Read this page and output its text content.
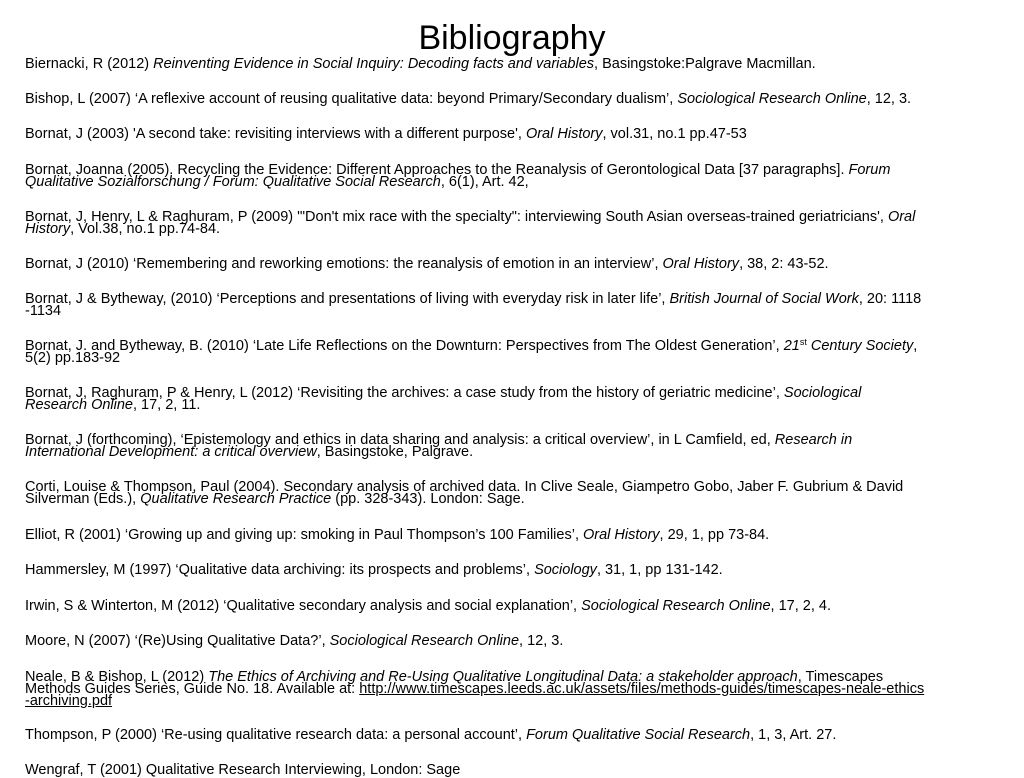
Bibliography
Biernacki, R (2012) Reinventing Evidence in Social Inquiry: Decoding facts and variables, Basingstoke:Palgrave Macmillan.
Bishop, L (2007) ‘A reflexive account of reusing qualitative data: beyond Primary/Secondary dualism’, Sociological Research Online, 12, 3.
Bornat, J (2003) 'A second take: revisiting interviews with a different purpose', Oral History, vol.31, no.1 pp.47-53
Bornat, Joanna (2005). Recycling the Evidence: Different Approaches to the Reanalysis of Gerontological Data [37 paragraphs]. Forum
Qualitative Sozialforschung / Forum: Qualitative Social Research, 6(1), Art. 42,
Bornat, J, Henry, L & Raghuram, P (2009) '"Don't mix race with the specialty": interviewing South Asian overseas-trained geriatricians', Oral
History, Vol.38, no.1 pp.74-84.
Bornat, J (2010) ‘Remembering and reworking emotions: the reanalysis of emotion in an interview’, Oral History, 38, 2: 43-52.
Bornat, J & Bytheway, (2010) ‘Perceptions and presentations of living with everyday risk in later life’, British Journal of Social Work, 20: 1118
-1134
Bornat, J. and Bytheway, B. (2010) ‘Late Life Reflections on the Downturn: Perspectives from The Oldest Generation’, 21st Century Society,
5(2) pp.183-92
Bornat, J, Raghuram, P & Henry, L (2012) ‘Revisiting the archives: a case study from the history of geriatric medicine’, Sociological
Research Online, 17, 2, 11.
Bornat, J (forthcoming), ‘Epistemology and ethics in data sharing and analysis: a critical overview’, in L Camfield, ed, Research in
International Development: a critical overview, Basingstoke, Palgrave.
Corti, Louise & Thompson, Paul (2004). Secondary analysis of archived data. In Clive Seale, Giampetro Gobo, Jaber F. Gubrium & David
Silverman (Eds.), Qualitative Research Practice (pp. 328-343). London: Sage.
Elliot, R (2001) ‘Growing up and giving up: smoking in Paul Thompson’s 100 Families’, Oral History, 29, 1, pp 73-84.
Hammersley, M (1997) ‘Qualitative data archiving: its prospects and problems’, Sociology, 31, 1, pp 131-142.
Irwin, S & Winterton, M (2012) ‘Qualitative secondary analysis and social explanation’, Sociological Research Online, 17, 2, 4.
Moore, N (2007) ‘(Re)Using Qualitative Data?’, Sociological Research Online, 12, 3.
Neale, B & Bishop, L (2012) The Ethics of Archiving and Re-Using Qualitative Longitudinal Data: a stakeholder approach, Timescapes
Methods Guides Series, Guide No. 18. Available at: http://www.timescapes.leeds.ac.uk/assets/files/methods-guides/timescapes-neale-ethics
-archiving.pdf
Thompson, P (2000) ‘Re-using qualitative research data: a personal account’, Forum Qualitative Social Research, 1, 3, Art. 27.
Wengraf, T (2001) Qualitative Research Interviewing, London: Sage
